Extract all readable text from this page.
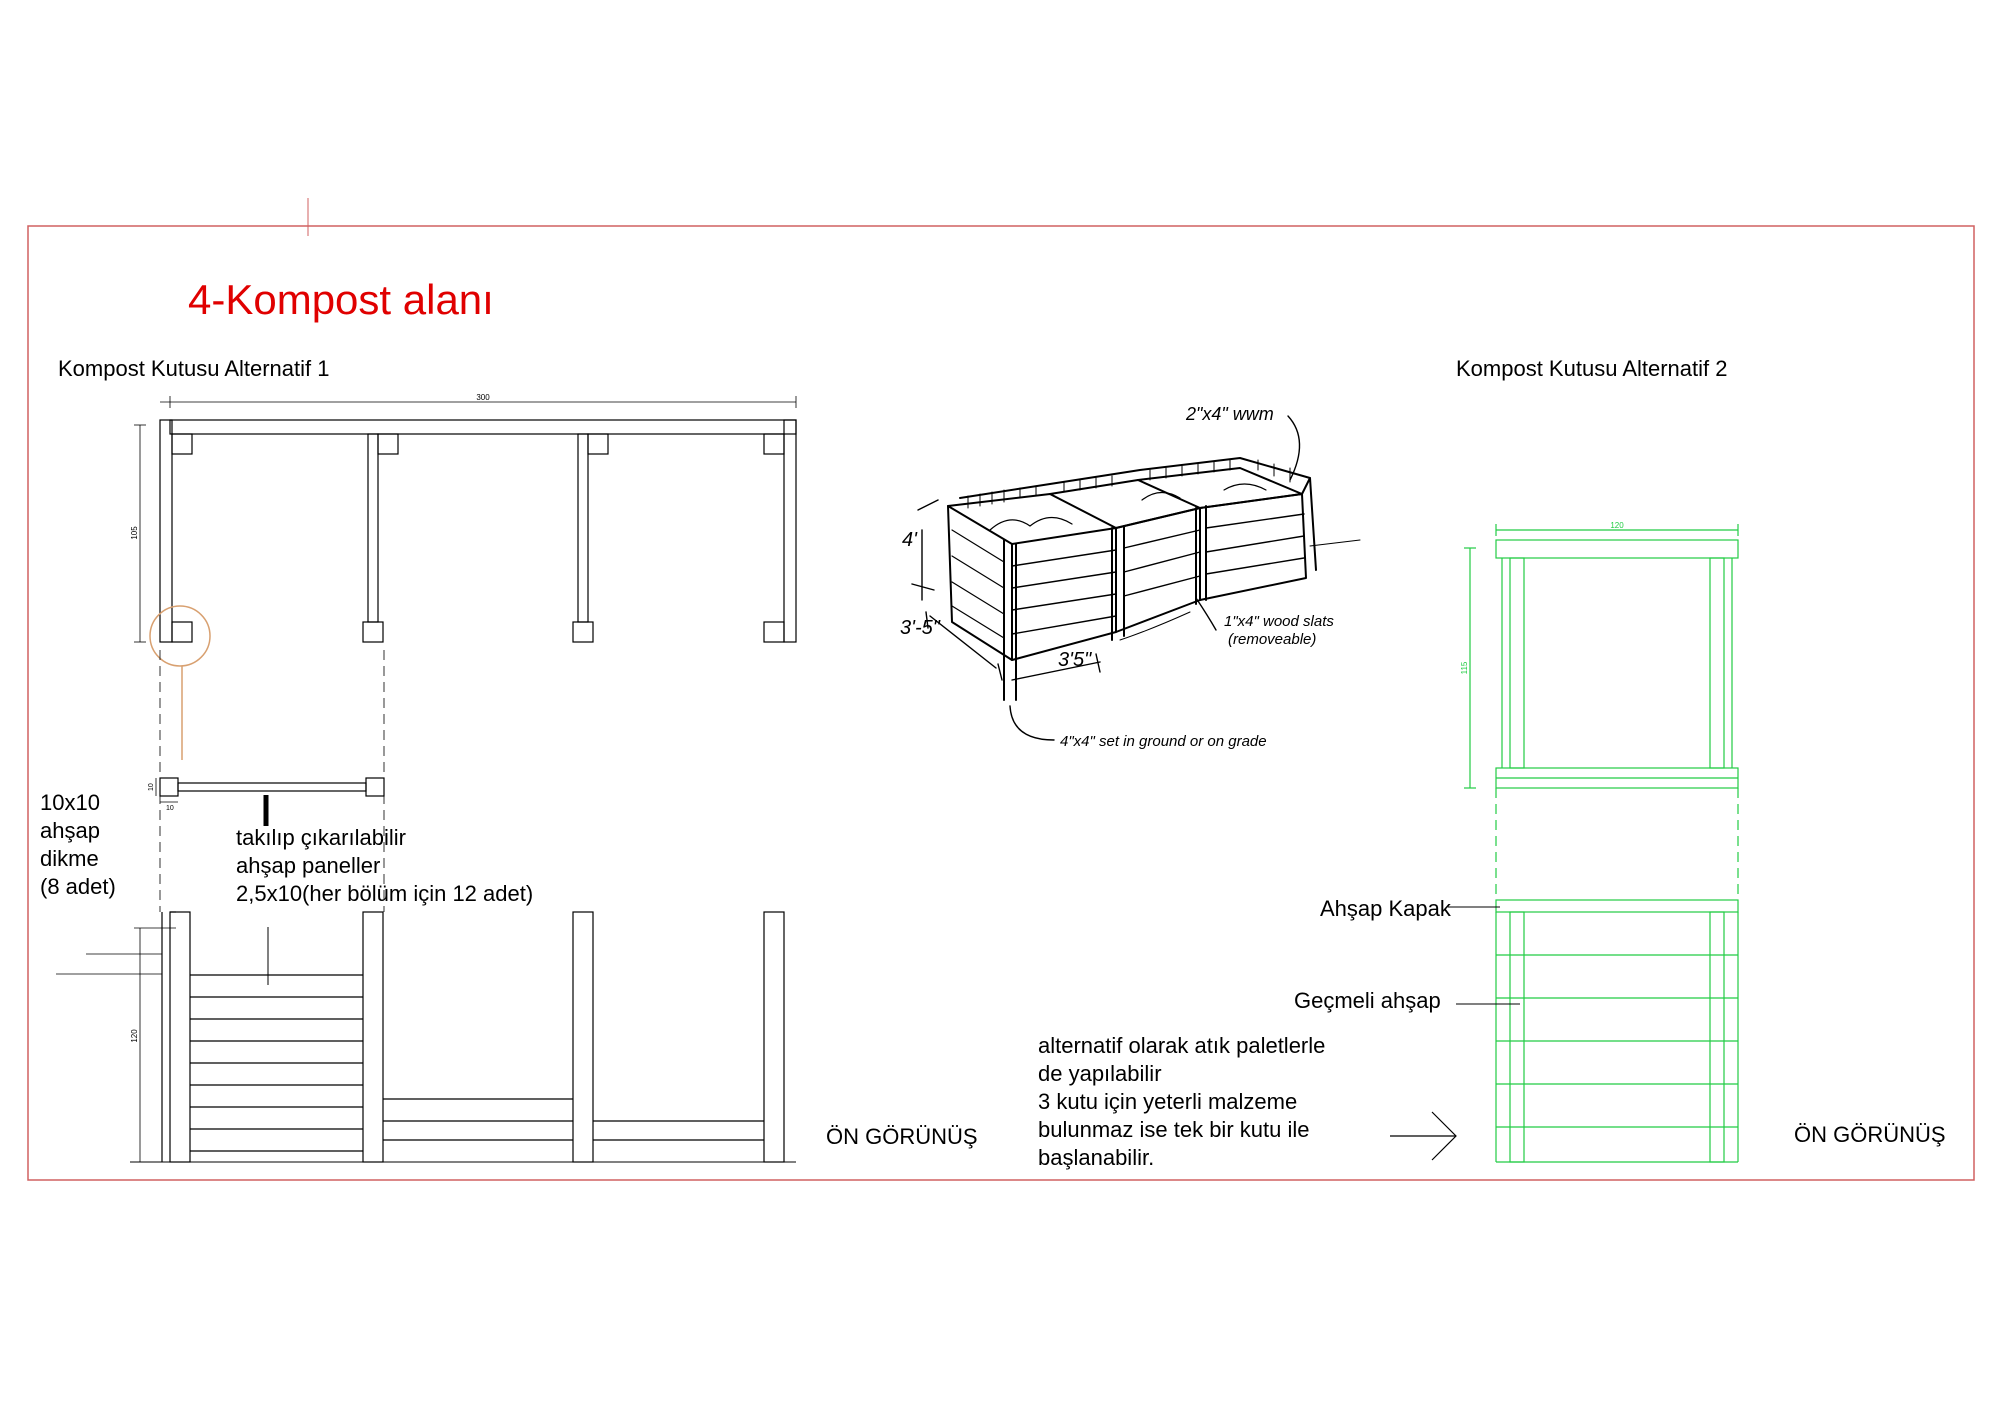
300
105
10
10
120
2"x4" wwm
4'
3'-5"
3'5"
1"x4" wood slats
(removeable)
4"x4" set in ground or on grade
120
115
4-Kompost alanı
Kompost Kutusu Alternatif 1	Kompost Kutusu Alternatif 2
10x10
ahşap
dikme
(8 adet)
takılıp çıkarılabilir
ahşap paneller
2,5x10(her bölüm için 12 adet)
ÖN GÖRÜNÜŞ
Ahşap Kapak
Geçmeli ahşap
alternatif olarak atık paletlerle
de yapılabilir
3 kutu için yeterli malzeme
bulunmaz ise tek bir kutu ile
başlanabilir.
ÖN GÖRÜNÜŞ
